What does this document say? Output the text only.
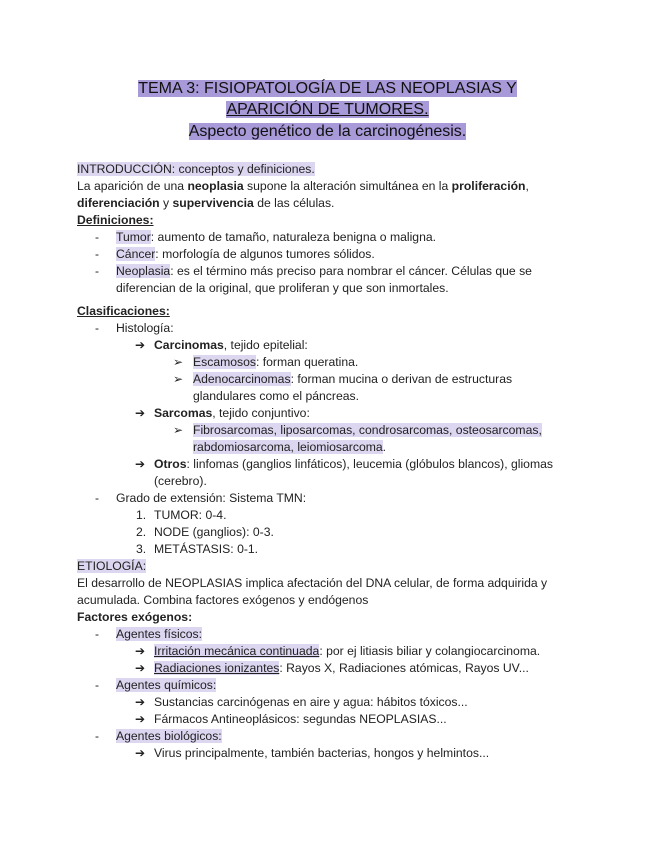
TEMA 3: FISIOPATOLOGÍA DE LAS NEOPLASIAS Y
APARICIÓN DE TUMORES.
Aspecto genético de la carcinogénesis.
INTRODUCCIÓN: conceptos y definiciones.
La aparición de una neoplasia supone la alteración simultánea en la proliferación,
diferenciación y supervivencia de las células.
Definiciones:
- Tumor: aumento de tamaño, naturaleza benigna o maligna.
- Cáncer: morfología de algunos tumores sólidos.
- Neoplasia: es el término más preciso para nombrar el cáncer. Células que se
diferencian de la original, que proliferan y que son inmortales.
Clasificaciones:
- Histología:
➔ Carcinomas, tejido epitelial:
➢ Escamosos: forman queratina.
➢ Adenocarcinomas: forman mucina o derivan de estructuras
glandulares como el páncreas.
➔ Sarcomas, tejido conjuntivo:
➢ Fibrosarcomas, liposarcomas, condrosarcomas, osteosarcomas,
rabdomiosarcoma, leiomiosarcoma.
➔ Otros: linfomas (ganglios linfáticos), leucemia (glóbulos blancos), gliomas
(cerebro).
- Grado de extensión: Sistema TMN:
1. TUMOR: 0-4.
2. NODE (ganglios): 0-3.
3. METÁSTASIS: 0-1.
ETIOLOGÍA:
El desarrollo de NEOPLASIAS implica afectación del DNA celular, de forma adquirida y
acumulada. Combina factores exógenos y endógenos
Factores exógenos:
- Agentes físicos:
➔ Irritación mecánica continuada: por ej litiasis biliar y colangiocarcinoma.
➔ Radiaciones ionizantes: Rayos X, Radiaciones atómicas, Rayos UV...
- Agentes químicos:
➔ Sustancias carcinógenas en aire y agua: hábitos tóxicos...
➔ Fármacos Antineoplásicos: segundas NEOPLASIAS...
- Agentes biológicos:
➔ Virus principalmente, también bacterias, hongos y helmintos...
